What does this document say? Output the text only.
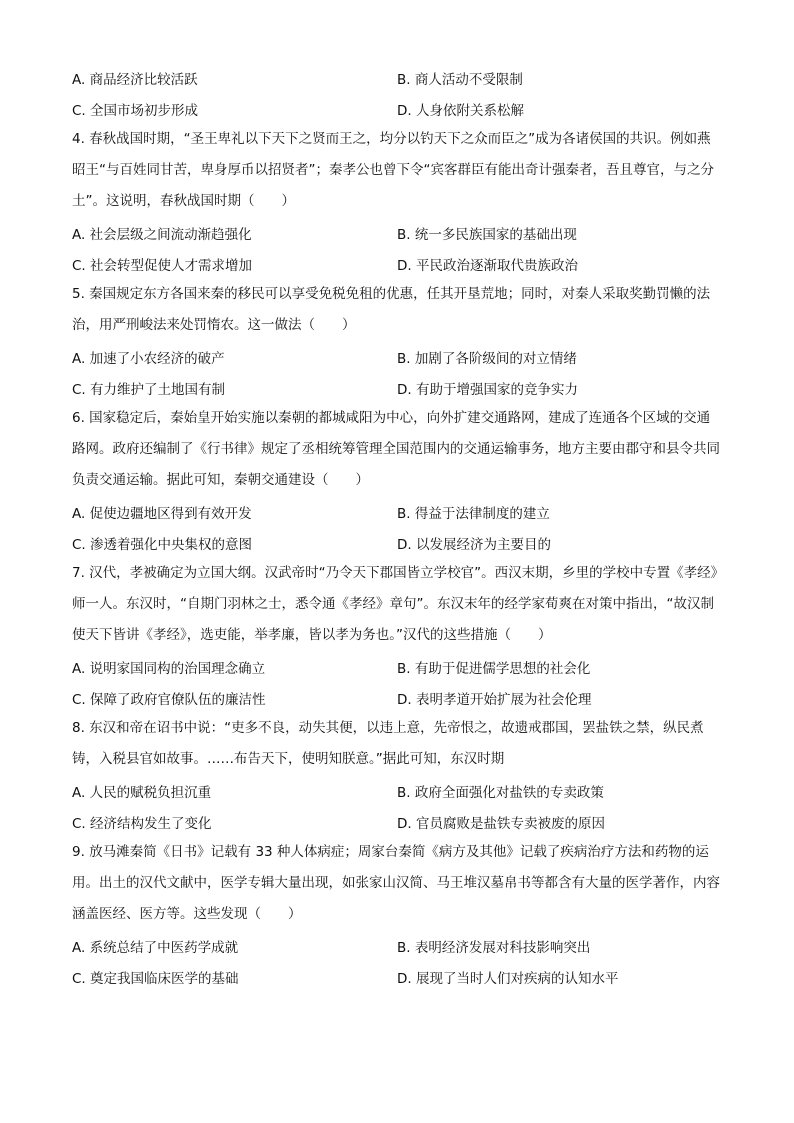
A. 商品经济比较活跃	B. 商人活动不受限制
C. 全国市场初步形成	D. 人身依附关系松解

4. 春秋战国时期，“圣王卑礼以下天下之贤而王之，均分以钓天下之众而臣之”成为各诸侯国的共识。例如燕昭王“与百姓同甘苦，卑身厚币以招贤者”；秦孝公也曾下令“宾客群臣有能出奇计强秦者，吾且尊官，与之分土”。这说明，春秋战国时期（　　）

A. 社会层级之间流动渐趋强化	B. 统一多民族国家的基础出现
C. 社会转型促使人才需求增加	D. 平民政治逐渐取代贵族政治

5. 秦国规定东方各国来秦的移民可以享受免税免租的优惠，任其开垦荒地；同时，对秦人采取奖勤罚懒的法治，用严刑峻法来处罚惰农。这一做法（　　）

A. 加速了小农经济的破产	B. 加剧了各阶级间的对立情绪
C. 有力维护了土地国有制	D. 有助于增强国家的竞争实力

6. 国家稳定后，秦始皇开始实施以秦朝的都城咸阳为中心，向外扩建交通路网，建成了连通各个区域的交通路网。政府还编制了《行书律》规定了丞相统筹管理全国范围内的交通运输事务，地方主要由郡守和县令共同负责交通运输。据此可知，秦朝交通建设（　　）

A. 促使边疆地区得到有效开发	B. 得益于法律制度的建立
C. 渗透着强化中央集权的意图	D. 以发展经济为主要目的

7. 汉代，孝被确定为立国大纲。汉武帝时“乃令天下郡国皆立学校官”。西汉末期，乡里的学校中专置《孝经》师一人。东汉时，“自期门羽林之士，悉令通《孝经》章句”。东汉末年的经学家荀爽在对策中指出，“故汉制使天下皆讲《孝经》，选吏能，举孝廉，皆以孝为务也。”汉代的这些措施（　　）

A. 说明家国同构的治国理念确立	B. 有助于促进儒学思想的社会化
C. 保障了政府官僚队伍的廉洁性	D. 表明孝道开始扩展为社会伦理

8. 东汉和帝在诏书中说：“吏多不良，动失其便，以违上意，先帝恨之，故遗戒郡国，罢盐铁之禁，纵民煮铸，入税县官如故事。……布告天下，使明知朕意。”据此可知，东汉时期

A. 人民的赋税负担沉重	B. 政府全面强化对盐铁的专卖政策
C. 经济结构发生了变化	D. 官员腐败是盐铁专卖被废的原因

9. 放马滩秦简《日书》记载有 33 种人体病症；周家台秦简《病方及其他》记载了疾病治疗方法和药物的运用。出土的汉代文献中，医学专辑大量出现，如张家山汉简、马王堆汉墓帛书等都含有大量的医学著作，内容涵盖医经、医方等。这些发现（　　）

A. 系统总结了中医药学成就	B. 表明经济发展对科技影响突出
C. 奠定我国临床医学的基础	D. 展现了当时人们对疾病的认知水平
